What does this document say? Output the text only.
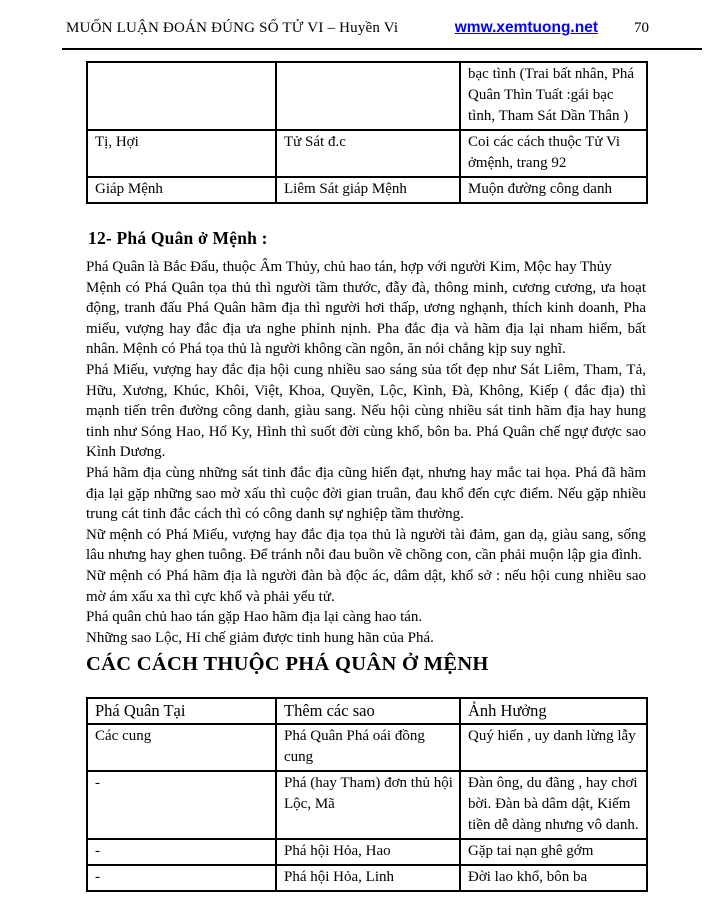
MUỐN LUẬN ĐOÁN ĐÚNG SỐ TỬ VI – Huyền Vi	wmw.xemtuong.net 70
		bạc tình (Trai bất nhân, Phá Quân Thìn Tuất :gái bạc tình, Tham Sát Dần Thân )
Tị, Hợi	Tử Sát đ.c	Coi các cách thuộc Tử Vi ởmệnh, trang 92
Giáp Mệnh	Liêm Sát giáp Mệnh	Muộn đường công danh
12- Phá Quân ở Mệnh :

Phá Quân là Bắc Đẩu, thuộc Âm Thủy, chủ hao tán, hợp với người Kim, Mộc hay Thủy

Mệnh có Phá Quân tọa thủ thì người tầm thước, đẫy đà, thông minh, cương cương, ưa hoạt động, tranh đấu Phá Quân hãm địa thì người hơi thấp, ương nghạnh, thích kinh doanh, Pha miếu, vượng hay đắc địa ưa nghe phỉnh nịnh. Pha đắc địa và hãm địa lại nham hiểm, bất nhân. Mệnh có Phá tọa thủ là người không cần ngôn, ăn nói chẳng kịp suy nghĩ.

Phá Miếu, vượng hay đắc địa hội cung nhiều sao sáng sủa tốt đẹp như Sát Liêm, Tham, Tả, Hữu, Xương, Khúc, Khôi, Việt, Khoa, Quyền, Lộc, Kình, Đà, Không, Kiếp ( đắc địa) thì mạnh tiến trên đường công danh, giàu sang. Nếu hội cùng nhiều sát tinh hãm địa hay hung tinh như Sóng Hao, Hổ Ky, Hình thì suốt đời cùng khổ, bôn ba. Phá Quân chế ngự được sao Kình Dương.

Phá hãm địa cùng những sát tinh đắc địa cũng hiển đạt, nhưng hay mắc tai họa. Phá đã hãm địa lại gặp những sao mờ xấu thì cuộc đời gian truân, đau khổ đến cực điểm. Nếu gặp nhiều trung cát tinh đắc cách thì có công danh sự nghiệp tầm thường.

Nữ mệnh có Phá Miếu, vượng hay đắc địa tọa thủ là người tài đảm, gan dạ, giàu sang, sống lâu nhưng hay ghen tuông. Để tránh nỗi đau buồn về chồng con, cần phải muộn lập gia đình.

Nữ mệnh có Phá hãm địa là người đàn bà độc ác, dâm dật, khổ sở : nếu hội cung nhiều sao mờ ám xấu xa thì cực khổ và phải yểu tử.

Phá quân chủ hao tán gặp Hao hãm địa lại càng hao tán.

Những sao Lộc, Hỉ chế giảm được tinh hung hãn của Phá.

CÁC CÁCH THUỘC PHÁ QUÂN Ở MỆNH
Phá Quân Tại	Thêm các sao	Ảnh Hưởng
Các cung	Phá Quân Phá oái đồng cung	Quý hiển , uy danh lừng lẫy
-	Phá (hay Tham) đơn thủ hội Lộc, Mã	Đàn ông, du đãng , hay chơi bời. Đàn bà dâm dật, Kiếm tiền dễ dàng nhưng vô danh.
-	Phá hội Hỏa, Hao	Gặp tai nạn ghê gớm
-	Phá hội Hỏa, Linh	Đời lao khổ, bôn ba
